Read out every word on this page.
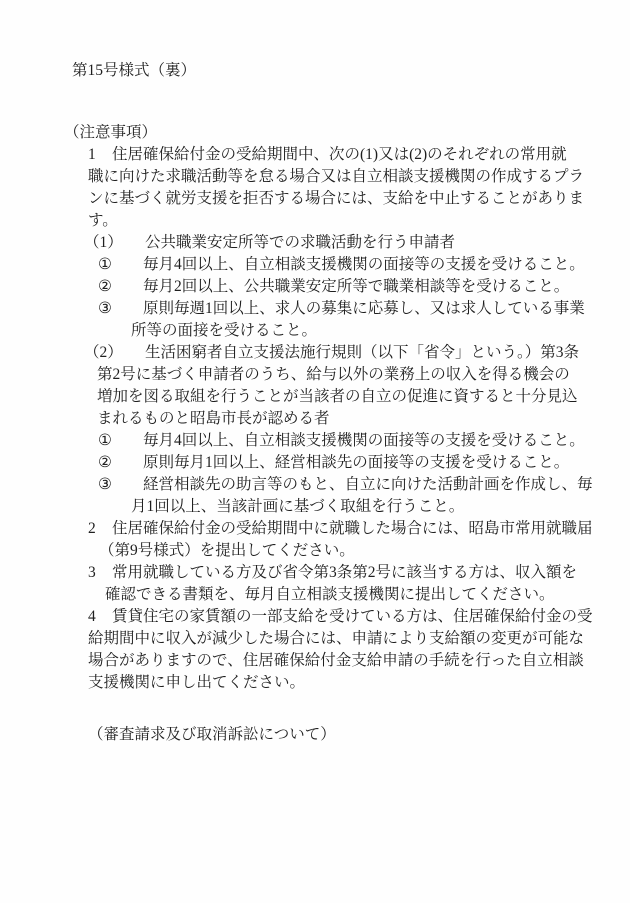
第15号様式（裏）
（注意事項）
1 住居確保給付金の受給期間中、次の(1)又は(2)のそれぞれの常用就
職に向けた求職活動等を怠る場合又は自立相談支援機関の作成するプラ
ンに基づく就労支援を拒否する場合には、支給を中止することがありま
す。
（1） 公共職業安定所等での求職活動を行う申請者
① 毎月4回以上、自立相談支援機関の面接等の支援を受けること。
② 毎月2回以上、公共職業安定所等で職業相談等を受けること。
③ 原則毎週1回以上、求人の募集に応募し、又は求人している事業
所等の面接を受けること。
（2） 生活困窮者自立支援法施行規則（以下「省令」という。）第3条
第2号に基づく申請者のうち、給与以外の業務上の収入を得る機会の
増加を図る取組を行うことが当該者の自立の促進に資すると十分見込
まれるものと昭島市長が認める者
① 毎月4回以上、自立相談支援機関の面接等の支援を受けること。
② 原則毎月1回以上、経営相談先の面接等の支援を受けること。
③ 経営相談先の助言等のもと、自立に向けた活動計画を作成し、毎
月1回以上、当該計画に基づく取組を行うこと。
2 住居確保給付金の受給期間中に就職した場合には、昭島市常用就職届
（第9号様式）を提出してください。
3 常用就職している方及び省令第3条第2号に該当する方は、収入額を
確認できる書類を、毎月自立相談支援機関に提出してください。
4 賃貸住宅の家賃額の一部支給を受けている方は、住居確保給付金の受
給期間中に収入が減少した場合には、申請により支給額の変更が可能な
場合がありますので、住居確保給付金支給申請の手続を行った自立相談
支援機関に申し出てください。
（審査請求及び取消訴訟について）
